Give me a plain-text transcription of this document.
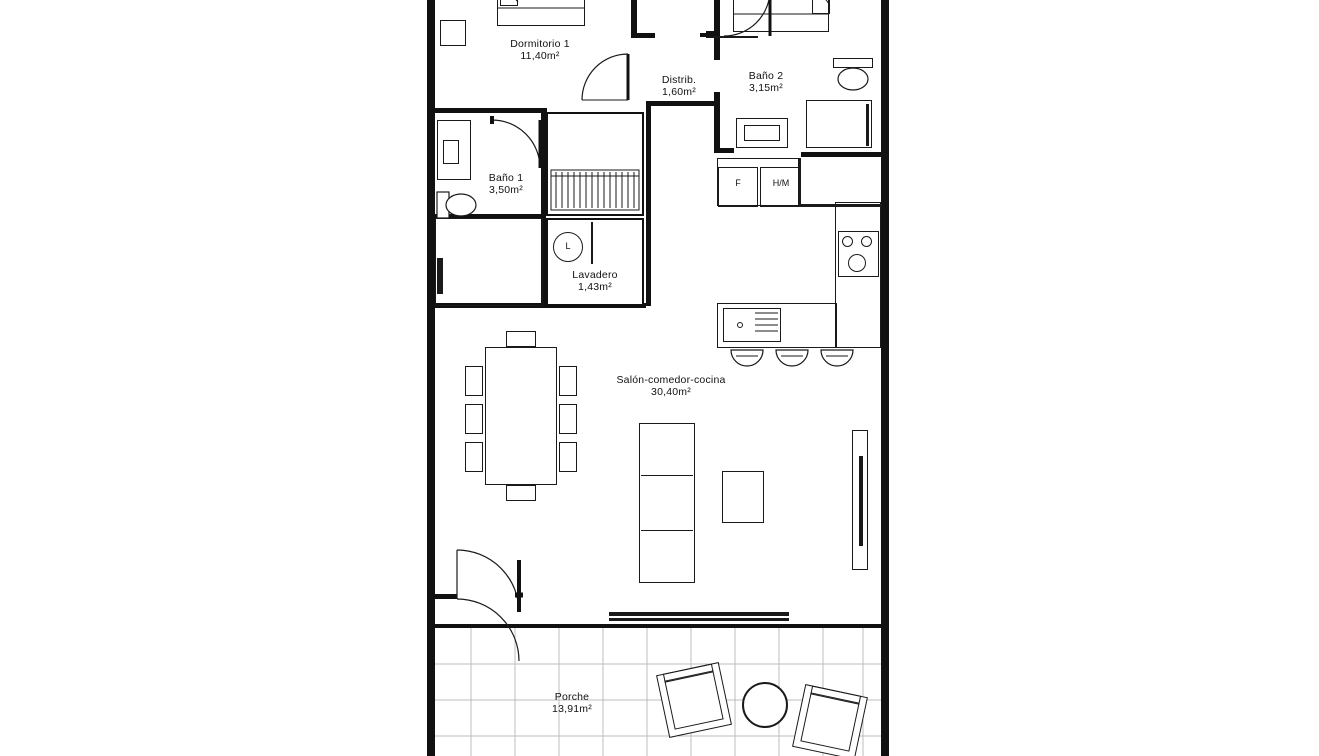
Porche
13,91m²
Salón-comedor-cocina
30,40m²
F	H/M
Baño 2
3,15m²
Distrib.
1,60m²
Dormitorio 1
11,40m²
Baño 1
3,50m²
L
Lavadero
1,43m²
